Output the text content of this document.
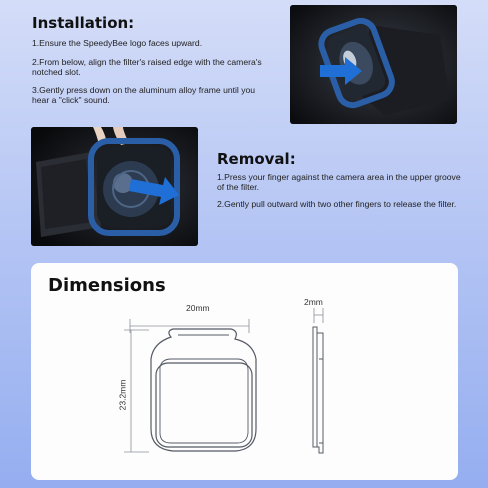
Installation:
1.Ensure the SpeedyBee logo faces upward.
2.From below, align the filter's raised edge with the camera's notched slot.
3.Gently press down on the aluminum alloy frame until you hear a "click" sound.
Removal:
1.Press your finger against the camera area in the upper groove of the filter.
2.Gently pull outward with two other fingers to release the filter.
Dimensions
20mm
2mm
23.2mm
